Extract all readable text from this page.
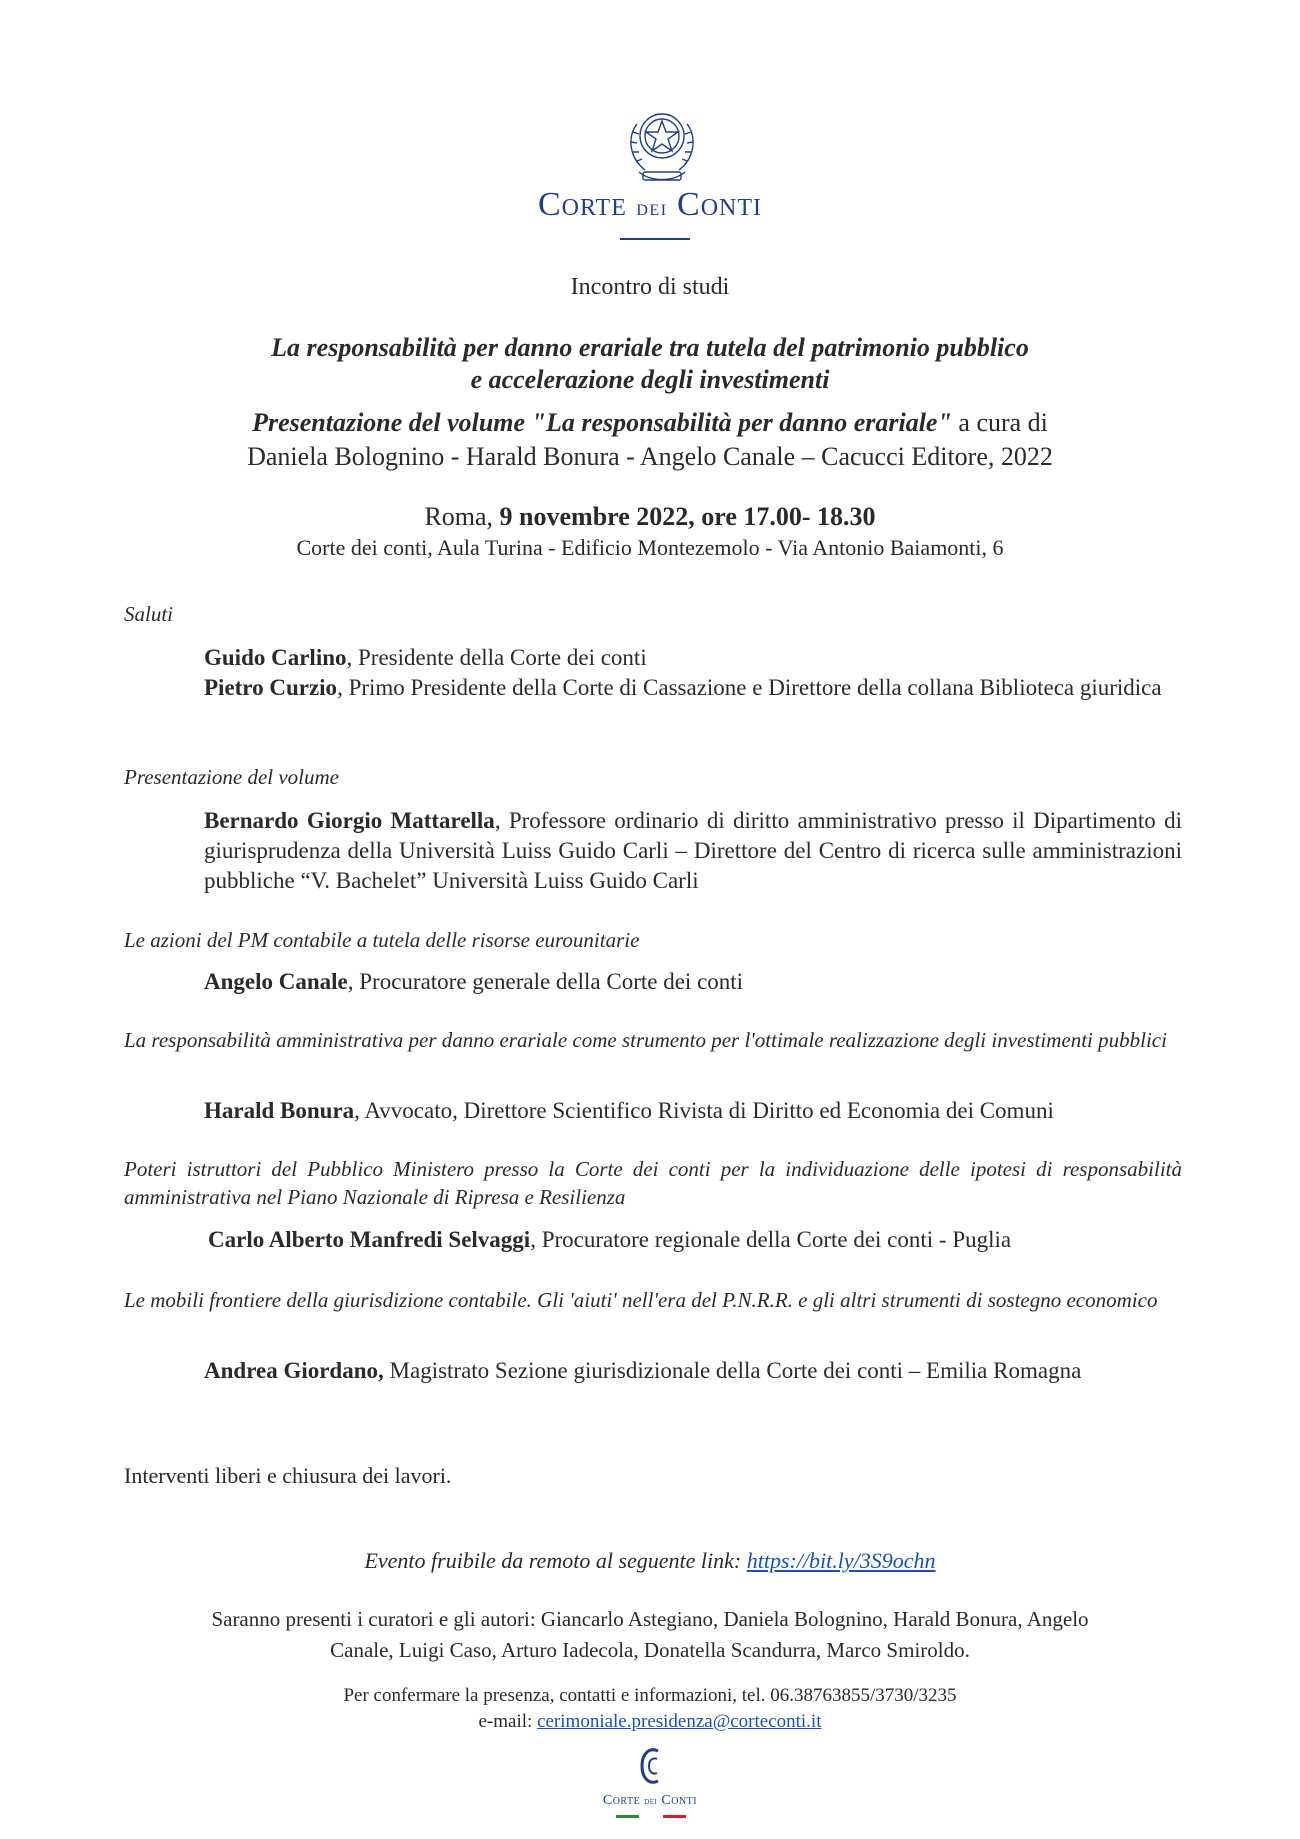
Corte dei Conti
Incontro di studi
La responsabilità per danno erariale tra tutela del patrimonio pubblico
e accelerazione degli investimenti
Presentazione del volume "La responsabilità per danno erariale" a cura di
Daniela Bolognino - Harald Bonura - Angelo Canale – Cacucci Editore, 2022
Roma, 9 novembre 2022, ore 17.00- 18.30
Corte dei conti, Aula Turina - Edificio Montezemolo - Via Antonio Baiamonti, 6
Saluti
Guido Carlino, Presidente della Corte dei conti
Pietro Curzio, Primo Presidente della Corte di Cassazione e Direttore della collana Biblioteca giuridica
Presentazione del volume
Bernardo Giorgio Mattarella, Professore ordinario di diritto amministrativo presso il Dipartimento di giurisprudenza della Università Luiss Guido Carli – Direttore del Centro di ricerca sulle amministrazioni pubbliche “V. Bachelet” Università Luiss Guido Carli
Le azioni del PM contabile a tutela delle risorse eurounitarie
Angelo Canale, Procuratore generale della Corte dei conti
La responsabilità amministrativa per danno erariale come strumento per l'ottimale realizzazione degli investimenti pubblici
Harald Bonura, Avvocato, Direttore Scientifico Rivista di Diritto ed Economia dei Comuni
Poteri istruttori del Pubblico Ministero presso la Corte dei conti per la individuazione delle ipotesi di responsabilità amministrativa nel Piano Nazionale di Ripresa e Resilienza
Carlo Alberto Manfredi Selvaggi, Procuratore regionale della Corte dei conti - Puglia
Le mobili frontiere della giurisdizione contabile. Gli 'aiuti' nell'era del P.N.R.R. e gli altri strumenti di sostegno economico
Andrea Giordano, Magistrato Sezione giurisdizionale della Corte dei conti – Emilia Romagna
Interventi liberi e chiusura dei lavori.
Evento fruibile da remoto al seguente link: https://bit.ly/3S9ochn
Saranno presenti i curatori e gli autori: Giancarlo Astegiano, Daniela Bolognino, Harald Bonura, Angelo
Canale, Luigi Caso, Arturo Iadecola, Donatella Scandurra, Marco Smiroldo.
Per confermare la presenza, contatti e informazioni, tel. 06.38763855/3730/3235
e-mail: cerimoniale.presidenza@corteconti.it
Corte dei Conti
